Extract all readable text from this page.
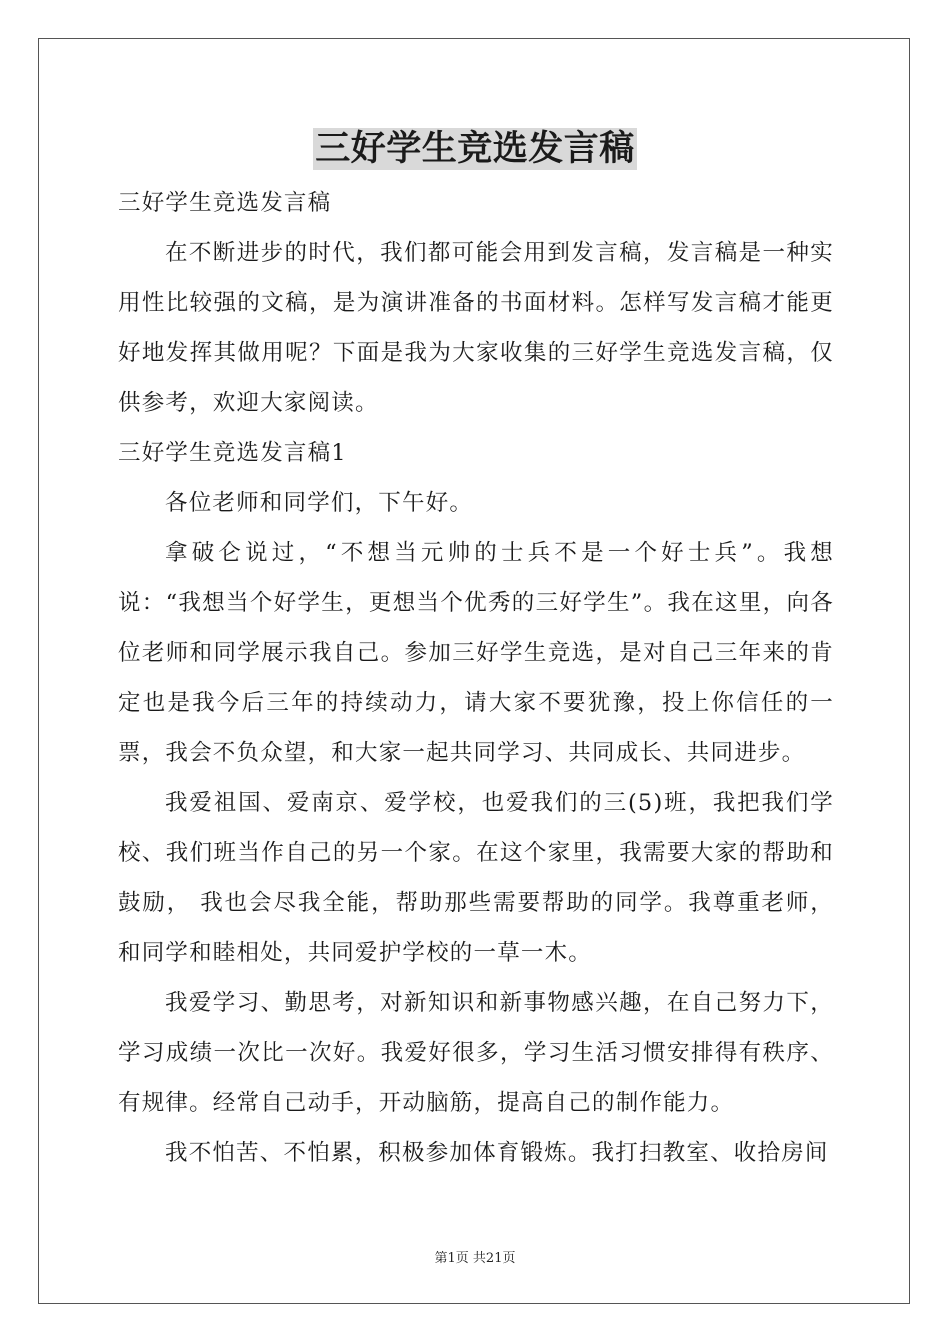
三好学生竞选发言稿

三好学生竞选发言稿

在不断进步的时代，我们都可能会用到发言稿，发言稿是一种实用性比较强的文稿，是为演讲准备的书面材料。怎样写发言稿才能更好地发挥其做用呢？下面是我为大家收集的三好学生竞选发言稿，仅供参考，欢迎大家阅读。

三好学生竞选发言稿1

各位老师和同学们，下午好。

拿破仑说过，“不想当元帅的士兵不是一个好士兵”。我想说：“我想当个好学生，更想当个优秀的三好学生”。我在这里，向各位老师和同学展示我自己。参加三好学生竞选，是对自己三年来的肯定也是我今后三年的持续动力，请大家不要犹豫，投上你信任的一票，我会不负众望，和大家一起共同学习、共同成长、共同进步。

我爱祖国、爱南京、爱学校，也爱我们的三(5)班，我把我们学校、我们班当作自己的另一个家。在这个家里，我需要大家的帮助和鼓励， 我也会尽我全能，帮助那些需要帮助的同学。我尊重老师，和同学和睦相处，共同爱护学校的一草一木。

我爱学习、勤思考，对新知识和新事物感兴趣，在自己努力下，学习成绩一次比一次好。我爱好很多，学习生活习惯安排得有秩序、有规律。经常自己动手，开动脑筋，提高自己的制作能力。

我不怕苦、不怕累，积极参加体育锻炼。我打扫教室、收拾房间

第1页 共21页
